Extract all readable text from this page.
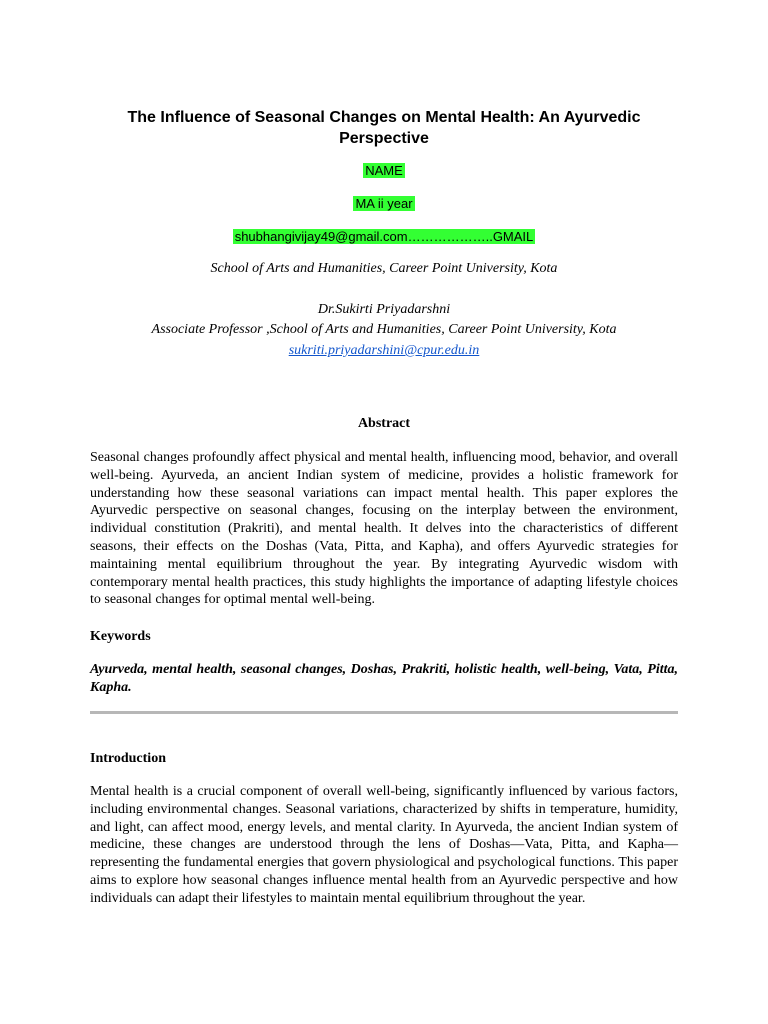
The Influence of Seasonal Changes on Mental Health: An Ayurvedic Perspective
NAME
MA ii year
shubhangivijay49@gmail.com………………..GMAIL
School of Arts and Humanities, Career Point University, Kota
Dr.Sukirti Priyadarshni
Associate Professor ,School of Arts and Humanities, Career Point University, Kota
sukriti.priyadarshini@cpur.edu.in
Abstract

Seasonal changes profoundly affect physical and mental health, influencing mood, behavior, and overall well-being. Ayurveda, an ancient Indian system of medicine, provides a holistic framework for understanding how these seasonal variations can impact mental health. This paper explores the Ayurvedic perspective on seasonal changes, focusing on the interplay between the environment, individual constitution (Prakriti), and mental health. It delves into the characteristics of different seasons, their effects on the Doshas (Vata, Pitta, and Kapha), and offers Ayurvedic strategies for maintaining mental equilibrium throughout the year. By integrating Ayurvedic wisdom with contemporary mental health practices, this study highlights the importance of adapting lifestyle choices to seasonal changes for optimal mental well-being.

Keywords

Ayurveda, mental health, seasonal changes, Doshas, Prakriti, holistic health, well-being, Vata, Pitta, Kapha.

Introduction

Mental health is a crucial component of overall well-being, significantly influenced by various factors, including environmental changes. Seasonal variations, characterized by shifts in temperature, humidity, and light, can affect mood, energy levels, and mental clarity. In Ayurveda, the ancient Indian system of medicine, these changes are understood through the lens of Doshas—Vata, Pitta, and Kapha—representing the fundamental energies that govern physiological and psychological functions. This paper aims to explore how seasonal changes influence mental health from an Ayurvedic perspective and how individuals can adapt their lifestyles to maintain mental equilibrium throughout the year.
